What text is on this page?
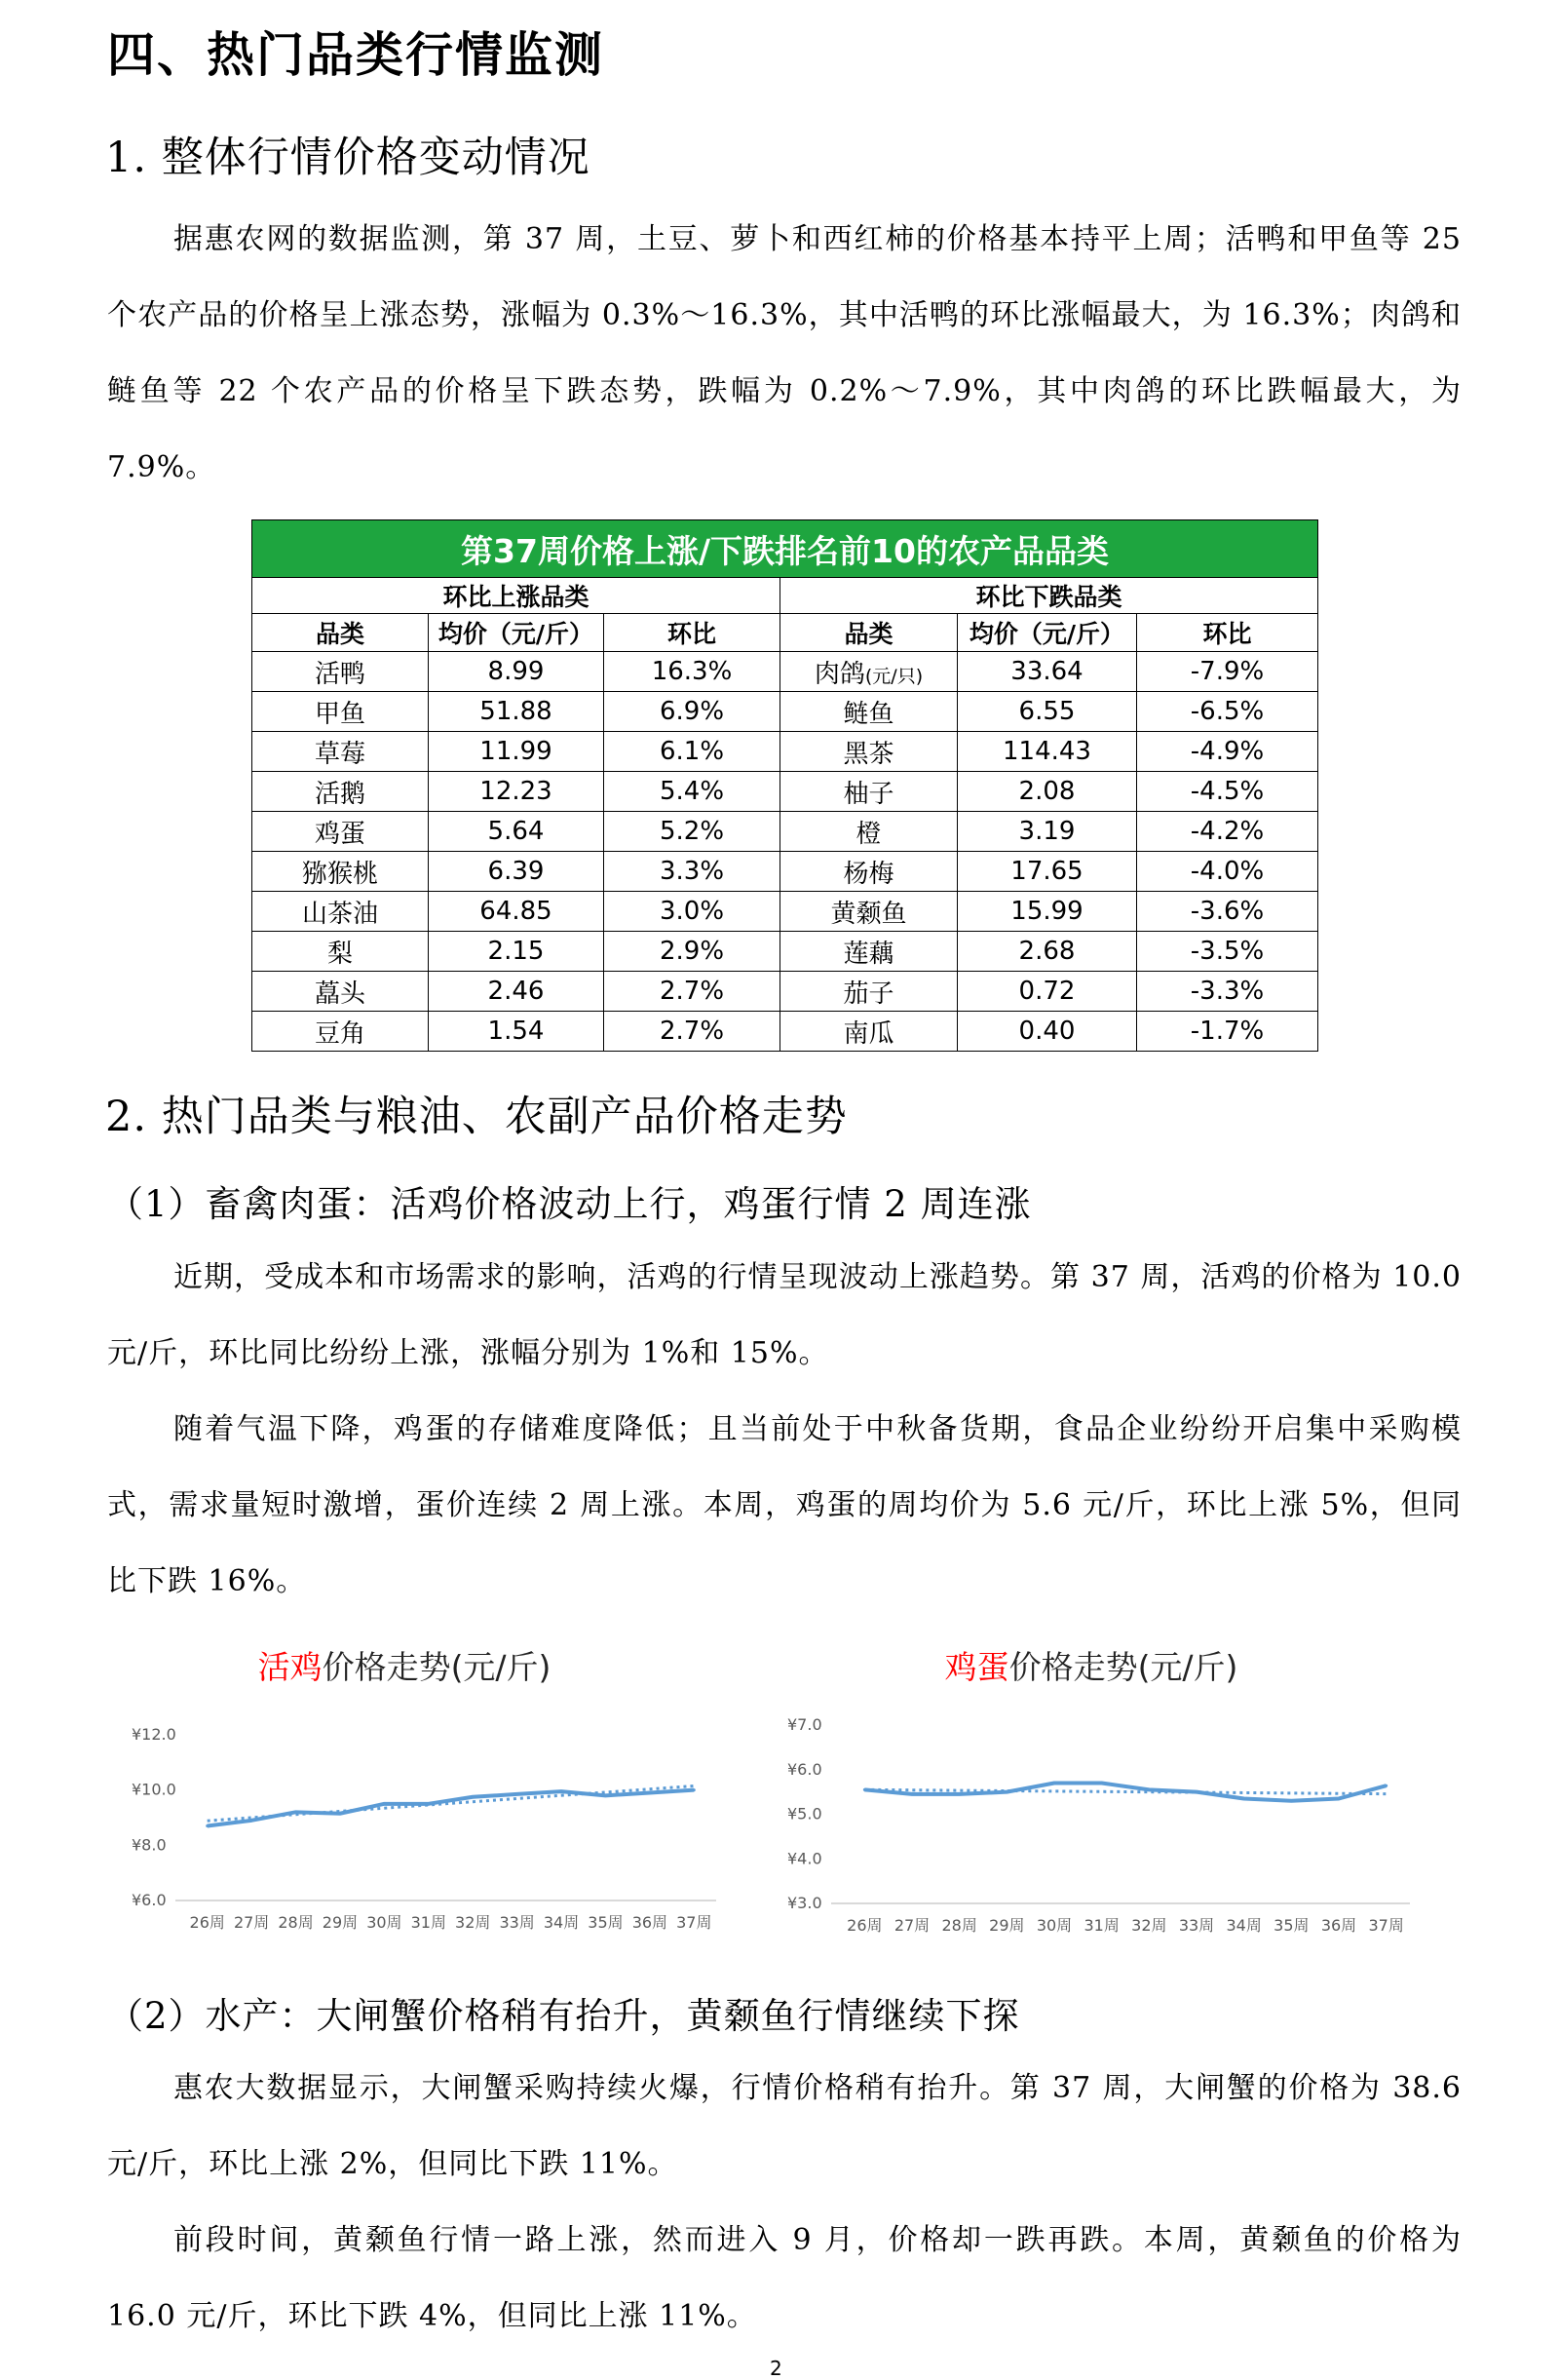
四、热门品类行情监测
1. 整体行情价格变动情况

据惠农网的数据监测，第 37 周，土豆、萝卜和西红柿的价格基本持平上周；活鸭和甲鱼等 25 个农产品的价格呈上涨态势，涨幅为 0.3%～16.3%，其中活鸭的环比涨幅最大，为 16.3%；肉鸽和鲢鱼等 22 个农产品的价格呈下跌态势，跌幅为 0.2%～7.9%，其中肉鸽的环比跌幅最大，为 7.9%。

第37周价格上涨/下跌排名前10的农产品品类					
环比上涨品类			环比下跌品类		
品类	均价（元/斤）	环比	品类	均价（元/斤）	环比
活鸭	8.99	16.3%	肉鸽(元/只)	33.64	-7.9%
甲鱼	51.88	6.9%	鲢鱼	6.55	-6.5%
草莓	11.99	6.1%	黑茶	114.43	-4.9%
活鹅	12.23	5.4%	柚子	2.08	-4.5%
鸡蛋	5.64	5.2%	橙	3.19	-4.2%
猕猴桃	6.39	3.3%	杨梅	17.65	-4.0%
山茶油	64.85	3.0%	黄颡鱼	15.99	-3.6%
梨	2.15	2.9%	莲藕	2.68	-3.5%
藠头	2.46	2.7%	茄子	0.72	-3.3%
豆角	1.54	2.7%	南瓜	0.40	-1.7%
2. 热门品类与粮油、农副产品价格走势
（1）畜禽肉蛋：活鸡价格波动上行，鸡蛋行情 2 周连涨

近期，受成本和市场需求的影响，活鸡的行情呈现波动上涨趋势。第 37 周，活鸡的价格为 10.0 元/斤，环比同比纷纷上涨，涨幅分别为 1%和 15%。

随着气温下降，鸡蛋的存储难度降低；且当前处于中秋备货期，食品企业纷纷开启集中采购模式，需求量短时激增，蛋价连续 2 周上涨。本周，鸡蛋的周均价为 5.6 元/斤，环比上涨 5%，但同比下跌 16%。

活鸡价格走势(元/斤)
¥6.0
¥8.0
¥10.0
¥12.0
26周 27周 28周 29周 30周 31周 32周 33周 34周 35周 36周 37周
鸡蛋价格走势(元/斤)
¥3.0
¥4.0
¥5.0
¥6.0
¥7.0
26周 27周 28周 29周 30周 31周 32周 33周 34周 35周 36周 37周
（2）水产：大闸蟹价格稍有抬升，黄颡鱼行情继续下探

惠农大数据显示，大闸蟹采购持续火爆，行情价格稍有抬升。第 37 周，大闸蟹的价格为 38.6 元/斤，环比上涨 2%，但同比下跌 11%。

前段时间，黄颡鱼行情一路上涨，然而进入 9 月，价格却一跌再跌。本周，黄颡鱼的价格为 16.0 元/斤，环比下跌 4%，但同比上涨 11%。

2
